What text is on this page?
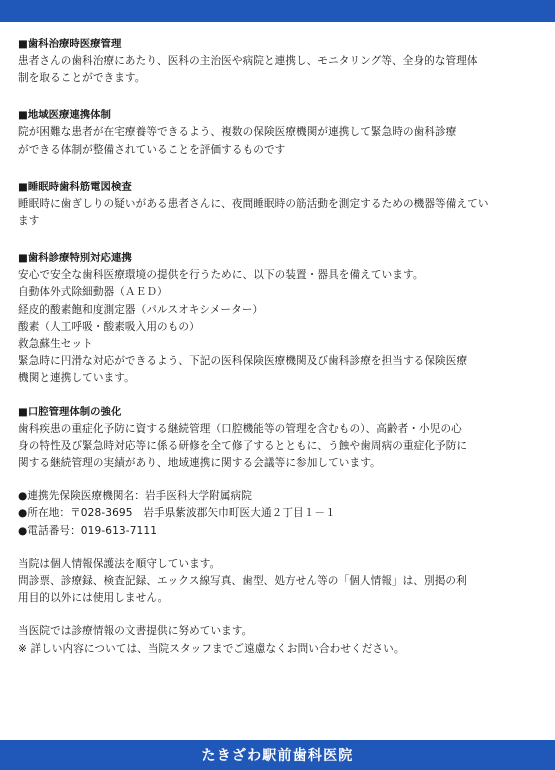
■歯科治療時医療管理

患者さんの歯科治療にあたり、医科の主治医や病院と連携し、モニタリング等、全身的な管理体

制を取ることができます。

■地域医療連携体制

院が困難な患者が在宅療養等できるよう、複数の保険医療機関が連携して緊急時の歯科診療

ができる体制が整備されていることを評価するものです

■睡眠時歯科筋電図検査

睡眠時に歯ぎしりの疑いがある患者さんに、夜間睡眠時の筋活動を測定するための機器等備えてい

ます

■歯科診療特別対応連携

安心で安全な歯科医療環境の提供を行うために、以下の装置・器具を備えています。

自動体外式除細動器（ＡＥＤ）

経皮的酸素飽和度測定器（パルスオキシメーター）

酸素（人工呼吸・酸素吸入用のもの）

救急蘇生セット

緊急時に円滑な対応ができるよう、下記の医科保険医療機関及び歯科診療を担当する保険医療

機関と連携しています。

■口腔管理体制の強化

歯科疾患の重症化予防に資する継続管理（口腔機能等の管理を含むもの）、高齢者・小児の心

身の特性及び緊急時対応等に係る研修を全て修了するとともに、う蝕や歯周病の重症化予防に

関する継続管理の実績があり、地域連携に関する会議等に参加しています。

●連携先保険医療機関名：岩手医科大学附属病院

●所在地：〒028-3695　岩手県紫波郡矢巾町医大通２丁目１－１

●電話番号：019-613-7111

当院は個人情報保護法を順守しています。

問診票、診療録、検査記録、エックス線写真、歯型、処方せん等の「個人情報」は、別掲の利

用目的以外には使用しません。

当医院では診療情報の文書提供に努めています。

※ 詳しい内容については、当院スタッフまでご遠慮なくお問い合わせください。

たきざわ駅前歯科医院
